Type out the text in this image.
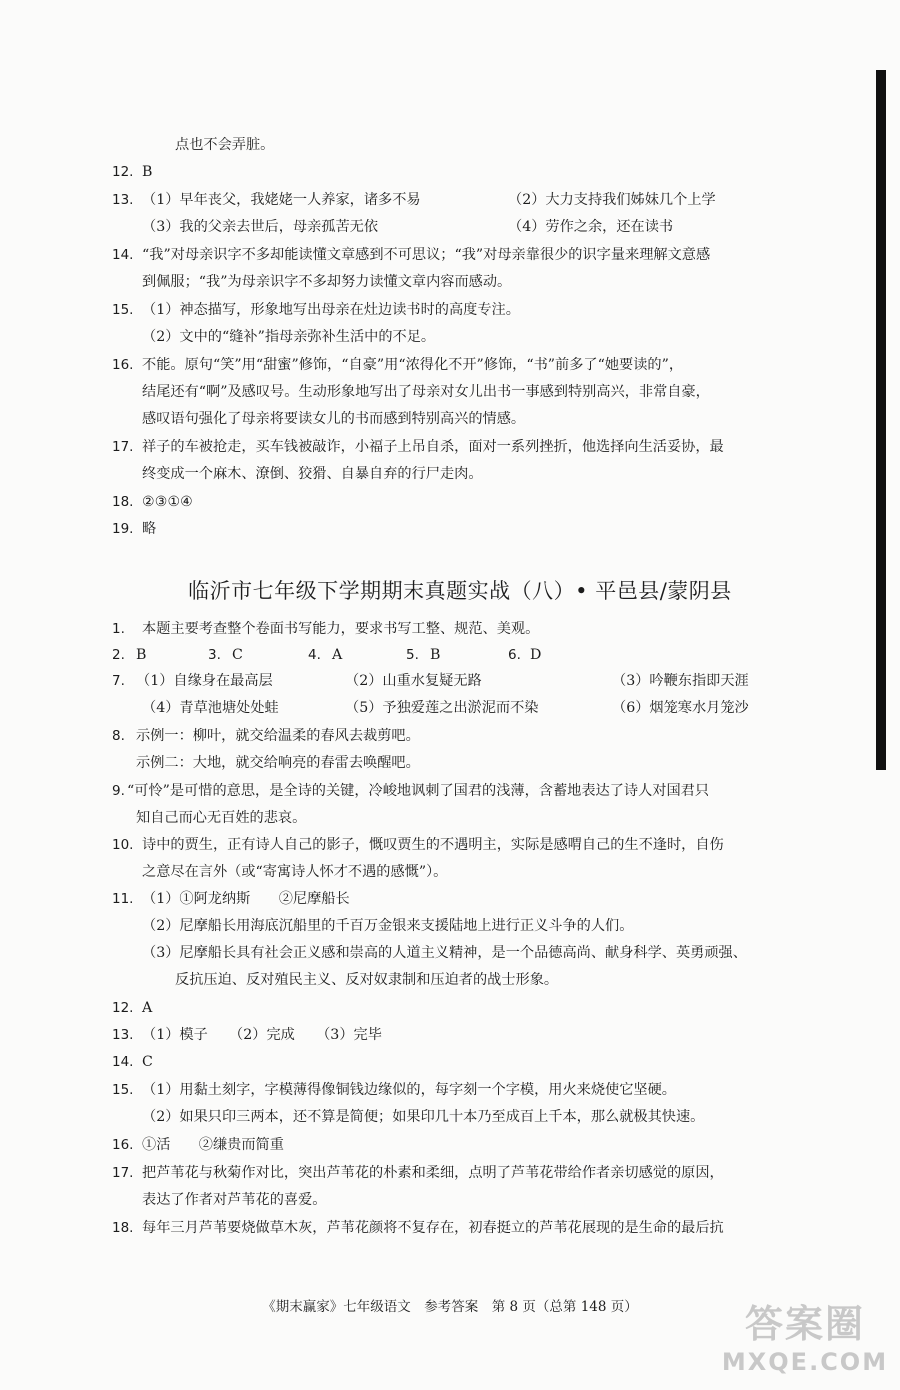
点也不会弄脏。
12. B
13. （1）早年丧父，我姥姥一人养家，诸多不易	（2）大力支持我们姊妹几个上学
（3）我的父亲去世后，母亲孤苦无依	（4）劳作之余，还在读书
14. “我”对母亲识字不多却能读懂文章感到不可思议；“我”对母亲靠很少的识字量来理解文意感
到佩服；“我”为母亲识字不多却努力读懂文章内容而感动。
15. （1）神态描写，形象地写出母亲在灶边读书时的高度专注。
（2）文中的“缝补”指母亲弥补生活中的不足。
16. 不能。原句“笑”用“甜蜜”修饰，“自豪”用“浓得化不开”修饰，“书”前多了“她要读的”，
结尾还有“啊”及感叹号。生动形象地写出了母亲对女儿出书一事感到特别高兴，非常自豪，
感叹语句强化了母亲将要读女儿的书而感到特别高兴的情感。
17. 祥子的车被抢走，买车钱被敲诈，小福子上吊自杀，面对一系列挫折，他选择向生活妥协，最
终变成一个麻木、潦倒、狡猾、自暴自弃的行尸走肉。
18. ②③①④
19. 略
临沂市七年级下学期期末真题实战（八）• 平邑县/蒙阴县
1. 本题主要考查整个卷面书写能力，要求书写工整、规范、美观。
2. B	3. C	4. A	5. B	6. D
7. （1）自缘身在最高层	（2）山重水复疑无路	（3）吟鞭东指即天涯
（4）青草池塘处处蛙	（5）予独爱莲之出淤泥而不染	（6）烟笼寒水月笼沙
8. 示例一：柳叶，就交给温柔的春风去裁剪吧。
示例二：大地，就交给响亮的春雷去唤醒吧。
9. “可怜”是可惜的意思，是全诗的关键，冷峻地讽刺了国君的浅薄，含蓄地表达了诗人对国君只
知自己而心无百姓的悲哀。
10. 诗中的贾生，正有诗人自己的影子，慨叹贾生的不遇明主，实际是感喟自己的生不逢时，自伤
之意尽在言外（或“寄寓诗人怀才不遇的感慨”）。
11. （1）①阿龙纳斯　　②尼摩船长
（2）尼摩船长用海底沉船里的千百万金银来支援陆地上进行正义斗争的人们。
（3）尼摩船长具有社会正义感和崇高的人道主义精神，是一个品德高尚、献身科学、英勇顽强、
反抗压迫、反对殖民主义、反对奴隶制和压迫者的战士形象。
12. A
13. （1）模子　　（2）完成　　（3）完毕
14. C
15. （1）用黏土刻字，字模薄得像铜钱边缘似的，每字刻一个字模，用火来烧使它坚硬。
（2）如果只印三两本，还不算是简便；如果印几十本乃至成百上千本，那么就极其快速。
16. ①活　　②缣贵而简重
17. 把芦苇花与秋菊作对比，突出芦苇花的朴素和柔细，点明了芦苇花带给作者亲切感觉的原因，
表达了作者对芦苇花的喜爱。
18. 每年三月芦苇要烧做草木灰，芦苇花颜将不复存在，初春挺立的芦苇花展现的是生命的最后抗
《期末赢家》七年级语文　参考答案　第 8 页（总第 148 页）	答案圈
MXQE.COM
